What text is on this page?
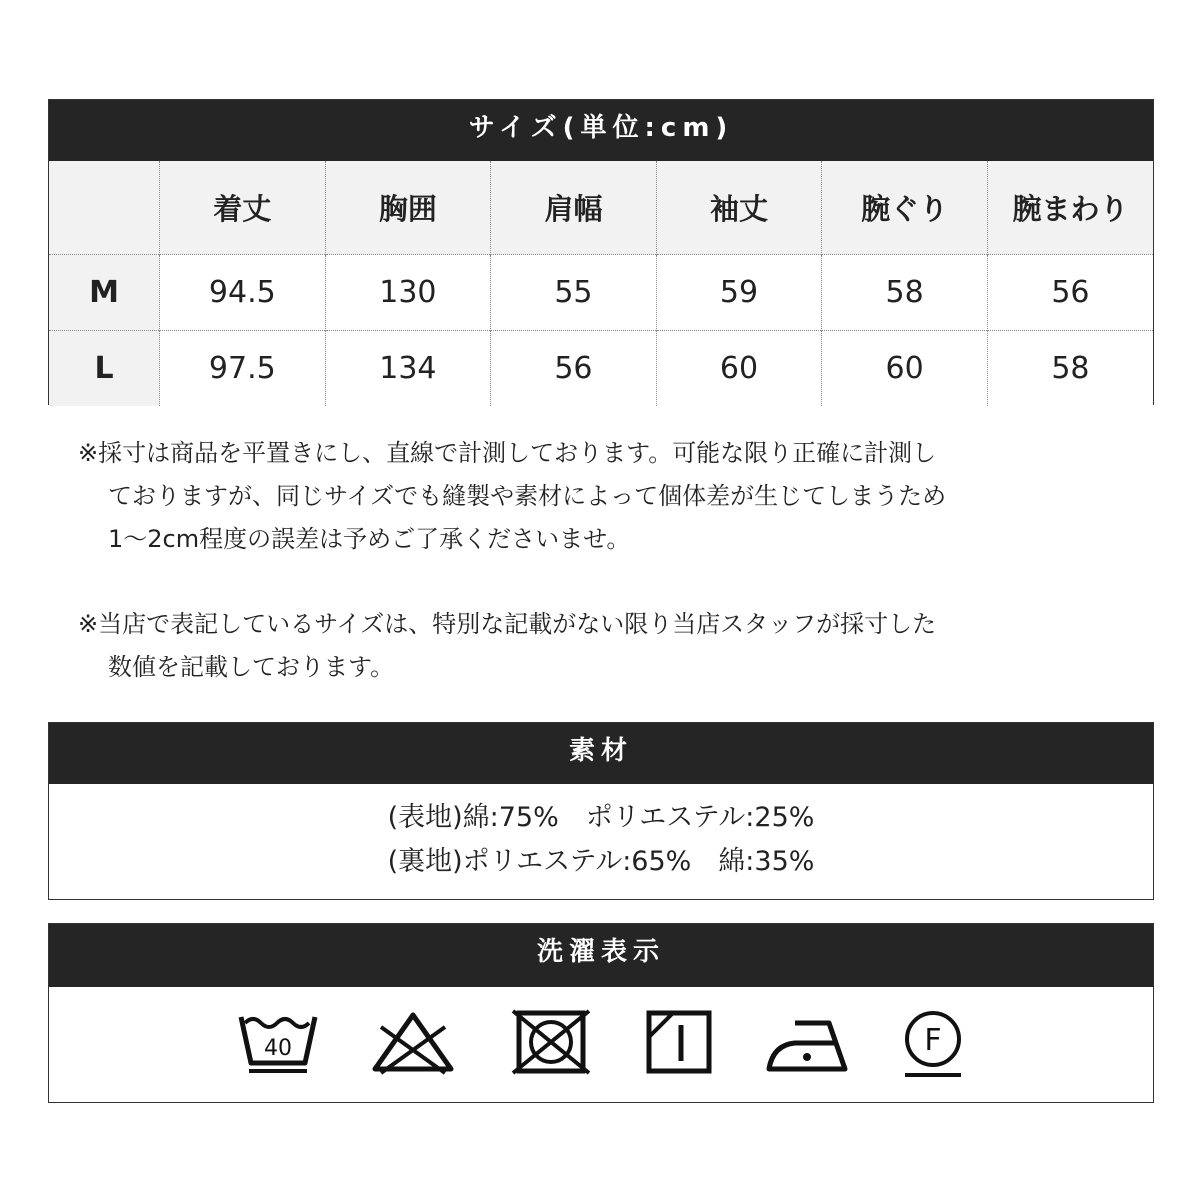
サイズ(単位:cm)
	着丈	胸囲	肩幅	袖丈	腕ぐり	腕まわり
M	94.5	130	55	59	58	56
L	97.5	134	56	60	60	58
※採寸は商品を平置きにし、直線で計測しております。可能な限り正確に計測し
ておりますが、同じサイズでも縫製や素材によって個体差が生じてしまうため
1〜2cm程度の誤差は予めご了承くださいませ。
※当店で表記しているサイズは、特別な記載がない限り当店スタッフが採寸した
数値を記載しております。
素材
(表地)綿:75%　ポリエステル:25%
(裏地)ポリエステル:65%　綿:35%
洗濯表示
40	F
